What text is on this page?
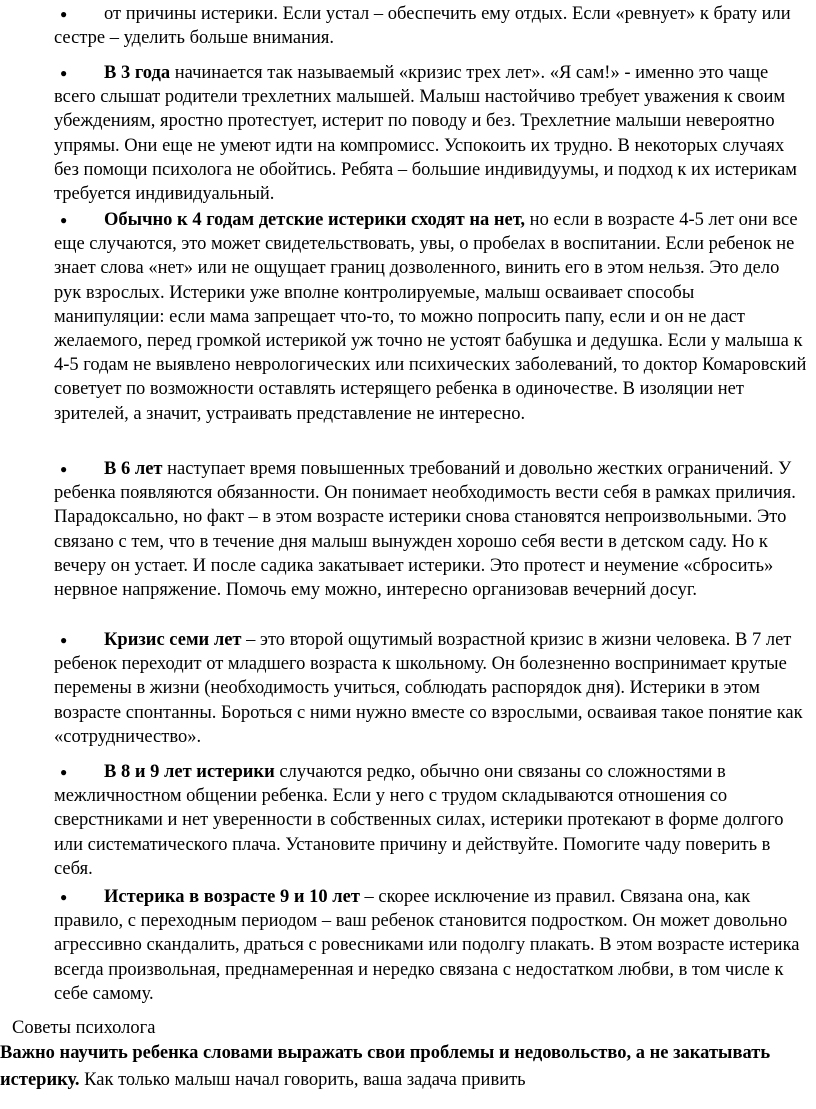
● от причины истерики. Если устал – обеспечить ему отдых. Если «ревнует» к брату или сестре – уделить больше внимания.
● В 3 года начинается так называемый «кризис трех лет». «Я сам!» - именно это чаще всего слышат родители трехлетних малышей. Малыш настойчиво требует уважения к своим убеждениям, яростно протестует, истерит по поводу и без. Трехлетние малыши невероятно упрямы. Они еще не умеют идти на компромисс. Успокоить их трудно. В некоторых случаях без помощи психолога не обойтись. Ребята – большие индивидуумы, и подход к их истерикам требуется индивидуальный.
● Обычно к 4 годам детские истерики сходят на нет, но если в возрасте 4-5 лет они все еще случаются, это может свидетельствовать, увы, о пробелах в воспитании. Если ребенок не знает слова «нет» или не ощущает границ дозволенного, винить его в этом нельзя. Это дело рук взрослых. Истерики уже вполне контролируемые, малыш осваивает способы манипуляции: если мама запрещает что-то, то можно попросить папу, если и он не даст желаемого, перед громкой истерикой уж точно не устоят бабушка и дедушка. Если у малыша к 4-5 годам не выявлено неврологических или психических заболеваний, то доктор Комаровский советует по возможности оставлять истерящего ребенка в одиночестве. В изоляции нет зрителей, а значит, устраивать представление не интересно.
● В 6 лет наступает время повышенных требований и довольно жестких ограничений. У ребенка появляются обязанности. Он понимает необходимость вести себя в рамках приличия. Парадоксально, но факт – в этом возрасте истерики снова становятся непроизвольными. Это связано с тем, что в течение дня малыш вынужден хорошо себя вести в детском саду. Но к вечеру он устает. И после садика закатывает истерики. Это протест и неумение «сбросить» нервное напряжение. Помочь ему можно, интересно организовав вечерний досуг.
● Кризис семи лет – это второй ощутимый возрастной кризис в жизни человека. В 7 лет ребенок переходит от младшего возраста к школьному. Он болезненно воспринимает крутые перемены в жизни (необходимость учиться, соблюдать распорядок дня). Истерики в этом возрасте спонтанны. Бороться с ними нужно вместе со взрослыми, осваивая такое понятие как «сотрудничество».
● В 8 и 9 лет истерики случаются редко, обычно они связаны со сложностями в межличностном общении ребенка. Если у него с трудом складываются отношения со сверстниками и нет уверенности в собственных силах, истерики протекают в форме долгого или систематического плача. Установите причину и действуйте. Помогите чаду поверить в себя.
● Истерика в возрасте 9 и 10 лет – скорее исключение из правил. Связана она, как правило, с переходным периодом – ваш ребенок становится подростком. Он может довольно агрессивно скандалить, драться с ровесниками или подолгу плакать. В этом возрасте истерика всегда произвольная, преднамеренная и нередко связана с недостатком любви, в том числе к себе самому.
Советы психолога
Важно научить ребенка словами выражать свои проблемы и недовольство, а не закатывать истерику. Как только малыш начал говорить, ваша задача привить
